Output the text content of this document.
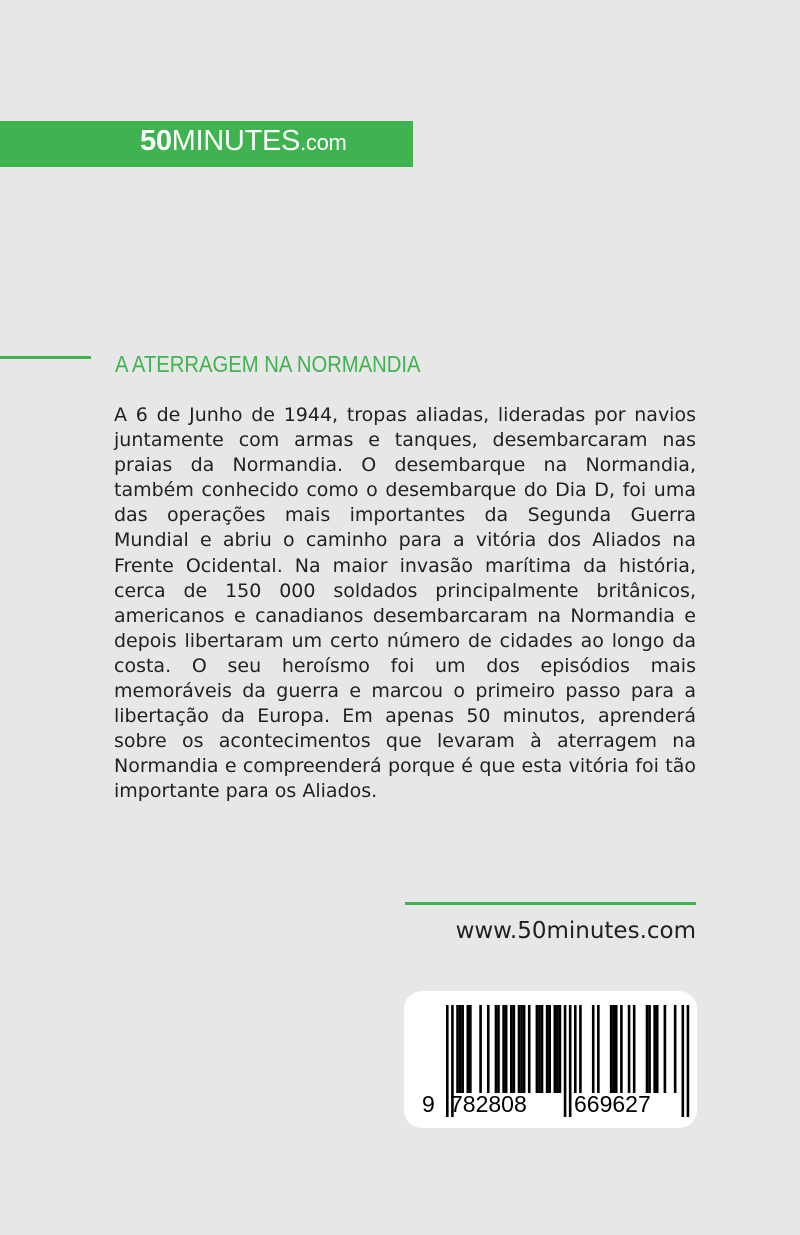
50MINUTES.com
A ATERRAGEM NA NORMANDIA

A 6 de Junho de 1944, tropas aliadas, lideradas por navios juntamente com armas e tanques, desembarcaram nas praias da Normandia. O desembarque na Normandia, também conhecido como o desembarque do Dia D, foi uma das operações mais importantes da Segunda Guerra Mundial e abriu o caminho para a vitória dos Aliados na Frente Ocidental. Na maior invasão marítima da história, cerca de 150 000 soldados principalmente britânicos, americanos e canadianos desembarcaram na Normandia e depois libertaram um certo número de cidades ao longo da costa. O seu heroísmo foi um dos episódios mais memoráveis da guerra e marcou o primeiro passo para a libertação da Europa. Em apenas 50 minutos, aprenderá sobre os acontecimentos que levaram à aterragem na Normandia e compreenderá porque é que esta vitória foi tão importante para os Aliados.

www.50minutes.com
9 782808 669627
